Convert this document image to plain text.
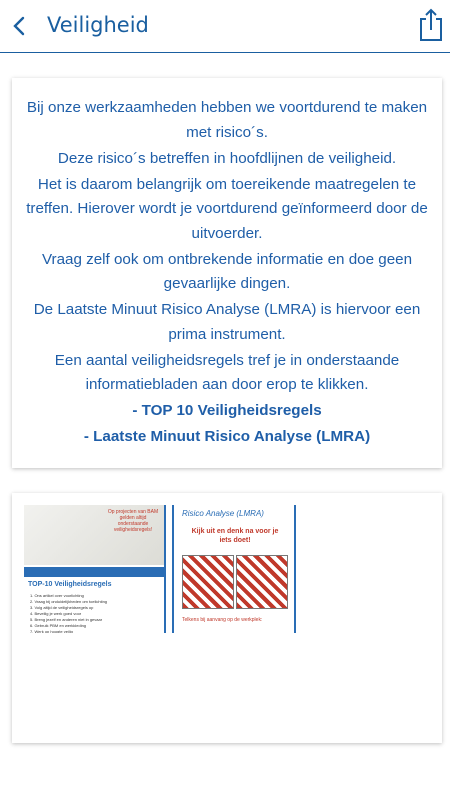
Veiligheid

Bij onze werkzaamheden hebben we voortdurend te maken met risico´s.

Deze risico´s betreffen in hoofdlijnen de veiligheid.

Het is daarom belangrijk om toereikende maatregelen te treffen. Hierover wordt je voortdurend geïnformeerd door de uitvoerder.

Vraag zelf ook om ontbrekende informatie en doe geen gevaarlijke dingen.

De Laatste Minuut Risico Analyse (LMRA) is hiervoor een prima instrument.

Een aantal veiligheidsregels tref je in onderstaande informatiebladen aan door erop te klikken.

- TOP 10 Veiligheidsregels

- Laatste Minuut Risico Analyse (LMRA)

Op projecten van BAM gelden altijd onderstaande veiligheidsregels!
TOP-10 Veiligheidsregels
1. Ons artikel over voorlichting
2. Vraag bij onduidelijkheden om toelichting
3. Volg altijd de veiligheidsregels op
4. Beveilig je werk goed voor
5. Breng jezelf en anderen niet in gevaar
6. Gebruik PBM en werkkleding
7. Werk op hoogte veilig
Risico Analyse (LMRA)
Kijk uit en denk na voor je iets doet!
Telkens bij aanvang op de werkplek:
